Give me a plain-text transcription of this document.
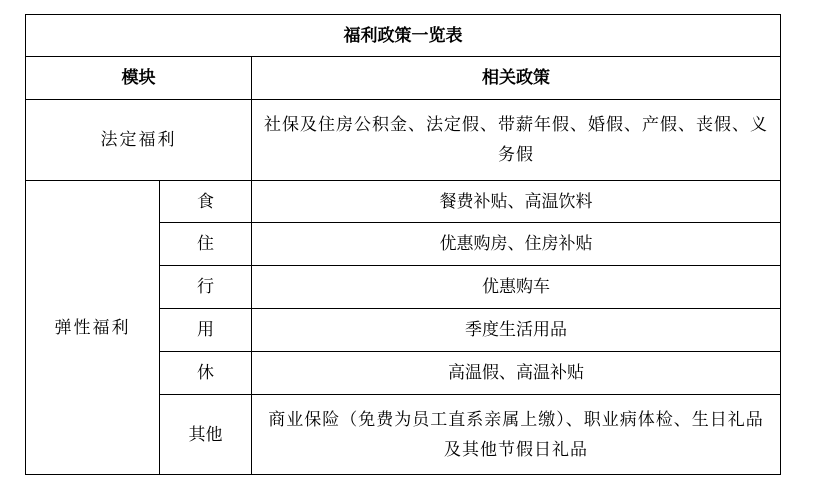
福利政策一览表		
模块		相关政策
法定福利		社保及住房公积金、法定假、带薪年假、婚假、产假、丧假、义务假
弹性福利	食	餐费补贴、高温饮料
	住	优惠购房、住房补贴
	行	优惠购车
	用	季度生活用品
	休	高温假、高温补贴
	其他	商业保险（免费为员工直系亲属上缴）、职业病体检、生日礼品及其他节假日礼品
